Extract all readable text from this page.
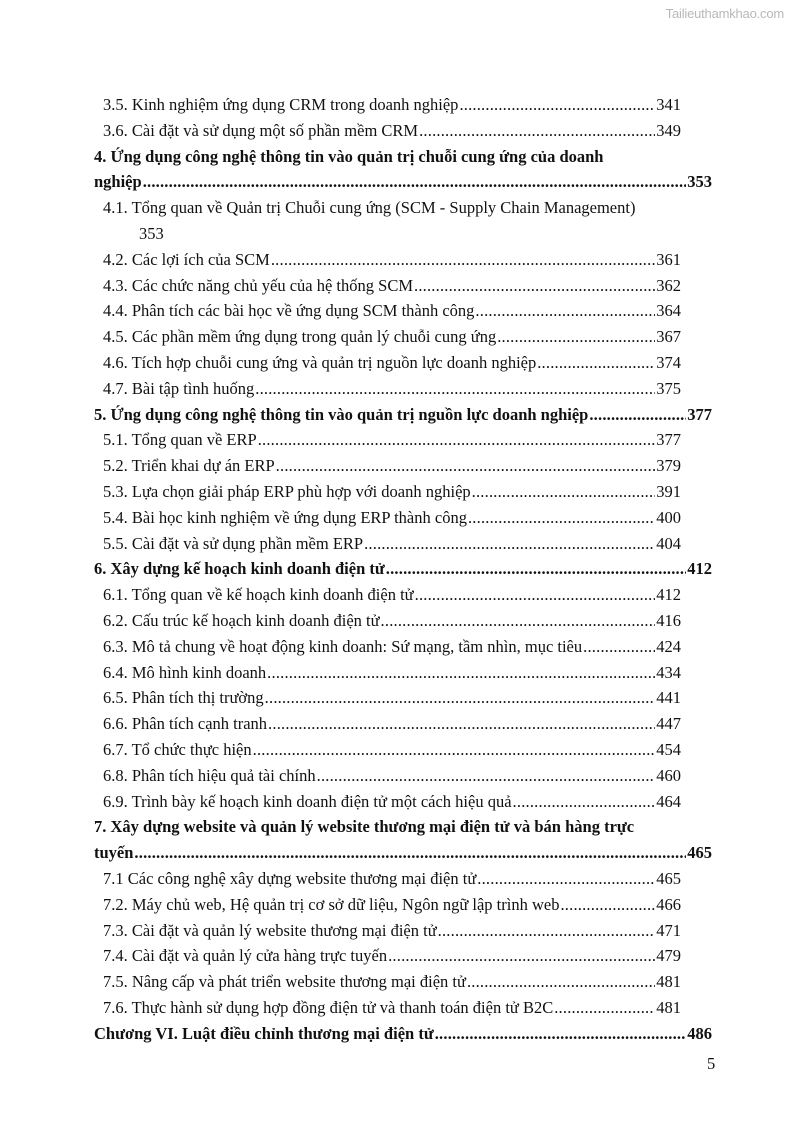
Tailieuthamkhao.com
3.5. Kinh nghiệm ứng dụng CRM trong doanh nghiệp .....	341
3.6. Cài đặt và sử dụng một số phần mềm CRM .....	349
4. Ứng dụng công nghệ thông tin vào quản trị chuỗi cung ứng của doanh
nghiệp .....	353
4.1. Tổng quan về Quản trị Chuỗi cung ứng (SCM - Supply Chain Management)
353
4.2. Các lợi ích của SCM .....	361
4.3. Các chức năng chủ yếu của hệ thống SCM .....	362
4.4. Phân tích các bài học về ứng dụng SCM thành công .....	364
4.5. Các phần mềm ứng dụng trong quản lý chuỗi cung ứng .....	367
4.6. Tích hợp chuỗi cung ứng và quản trị nguồn lực doanh nghiệp .....	374
4.7. Bài tập tình huống .....	375
5. Ứng dụng công nghệ thông tin vào quản trị nguồn lực doanh nghiệp .....	377
5.1. Tổng quan về ERP .....	377
5.2. Triển khai dự án ERP .....	379
5.3. Lựa chọn giải pháp ERP phù hợp với doanh nghiệp .....	391
5.4. Bài học kinh nghiệm về ứng dụng ERP thành công .....	400
5.5. Cài đặt và sử dụng phần mềm ERP .....	404
6. Xây dựng kế hoạch kinh doanh điện tử .....	412
6.1. Tổng quan về kế hoạch kinh doanh điện tử .....	412
6.2. Cấu trúc kế hoạch kinh doanh điện tử .....	416
6.3. Mô tả chung về hoạt động kinh doanh: Sứ mạng, tầm nhìn, mục tiêu .....	424
6.4. Mô hình kinh doanh .....	434
6.5. Phân tích thị trường .....	441
6.6. Phân tích cạnh tranh .....	447
6.7. Tổ chức thực hiện .....	454
6.8. Phân tích hiệu quả tài chính .....	460
6.9. Trình bày kế hoạch kinh doanh điện tử một cách hiệu quả .....	464
7. Xây dựng website và quản lý website thương mại điện tử và bán hàng trực
tuyến .....	465
7.1 Các công nghệ xây dựng website thương mại điện tử .....	465
7.2. Máy chủ web, Hệ quản trị cơ sở dữ liệu, Ngôn ngữ lập trình web .....	466
7.3. Cài đặt và quản lý website thương mại điện tử .....	471
7.4. Cài đặt và quản lý cửa hàng trực tuyến .....	479
7.5. Nâng cấp và phát triển website thương mại điện tử .....	481
7.6. Thực hành sử dụng hợp đồng điện tử và thanh toán điện tử B2C .....	481
Chương VI. Luật điều chỉnh thương mại điện tử .....	486
5
